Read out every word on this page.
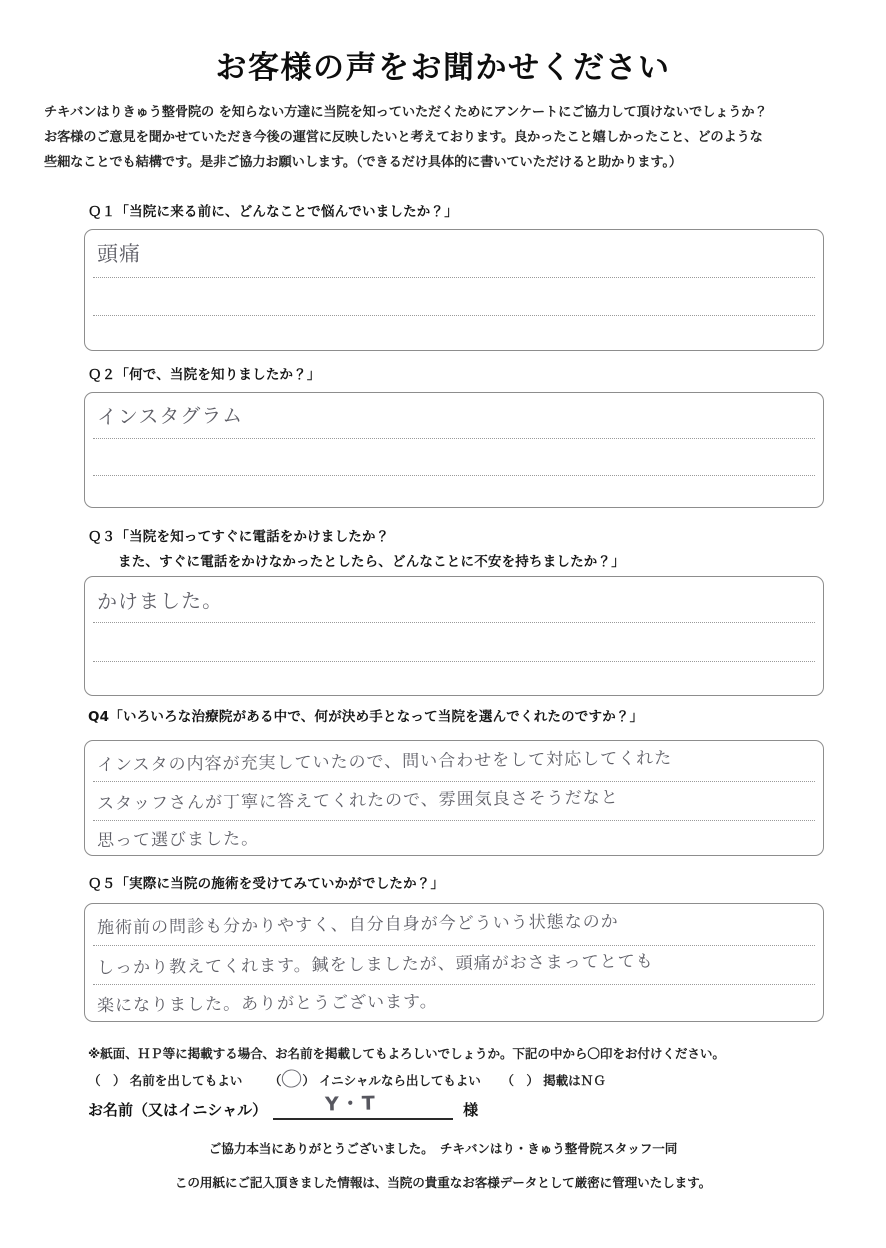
お客様の声をお聞かせください
チキバンはりきゅう整骨院の を知らない方達に当院を知っていただくためにアンケートにご協力して頂けないでしょうか？
お客様のご意見を聞かせていただき今後の運営に反映したいと考えております。良かったこと嬉しかったこと、どのような
些細なことでも結構です。是非ご協力お願いします。（できるだけ具体的に書いていただけると助かります。）
Ｑ１「当院に来る前に、どんなことで悩んでいましたか？」
頭痛
Ｑ２「何で、当院を知りましたか？」
インスタグラム
Ｑ３「当院を知ってすぐに電話をかけましたか？
また、すぐに電話をかけなかったとしたら、どんなことに不安を持ちましたか？」
かけました。
Q4「いろいろな治療院がある中で、何が決め手となって当院を選んでくれたのですか？」
インスタの内容が充実していたので、問い合わせをして対応してくれた
スタッフさんが丁寧に答えてくれたので、雰囲気良さそうだなと
思って選びました。
Ｑ５「実際に当院の施術を受けてみていかがでしたか？」
施術前の問診も分かりやすく、自分自身が今どういう状態なのか
しっかり教えてくれます。鍼をしましたが、頭痛がおさまってとても
楽になりました。ありがとうございます。
※紙面、ＨＰ等に掲載する場合、お名前を掲載してもよろしいでしょうか。下記の中から〇印をお付けください。
（　） 名前を出してもよい （ ） イニシャルなら出してもよい （　） 掲載はＮＧ
お名前（又はイニシャル）	Y・T	様
ご協力本当にありがとうございました。　チキバンはり・きゅう整骨院スタッフ一同
この用紙にご記入頂きました情報は、当院の貴重なお客様データとして厳密に管理いたします。
